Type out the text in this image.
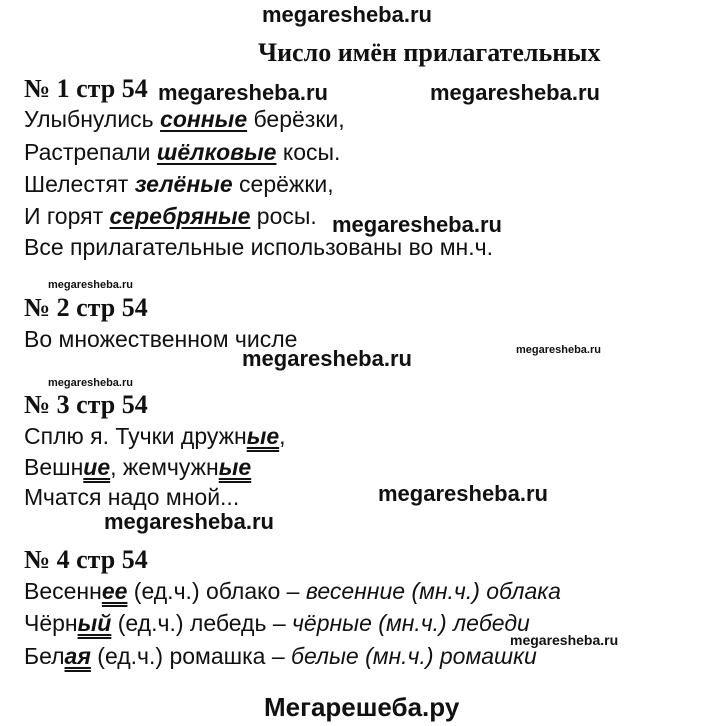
megaresheba.ru
Число имён прилагательных
№ 1 стр 54 megaresheba.ru	megaresheba.ru
Улыбнулись сонные берёзки,
Растрепали шёлковые косы.
Шелестят зелёные серёжки,
И горят серебряные росы. megaresheba.ru
Все прилагательные использованы во мн.ч.
megaresheba.ru
№ 2 стр 54
Во множественном числе
megaresheba.ru	megaresheba.ru
megaresheba.ru
№ 3 стр 54
Сплю я. Тучки дружные,
Вешние, жемчужные
Мчатся надо мной...	megaresheba.ru
megaresheba.ru
№ 4 стр 54
Весеннее (ед.ч.) облако – весенние (мн.ч.) облака
Чёрный (ед.ч.) лебедь – чёрные (мн.ч.) лебеди
megaresheba.ru
Белая (ед.ч.) ромашка – белые (мн.ч.) ромашки
Мегарешеба.ру
